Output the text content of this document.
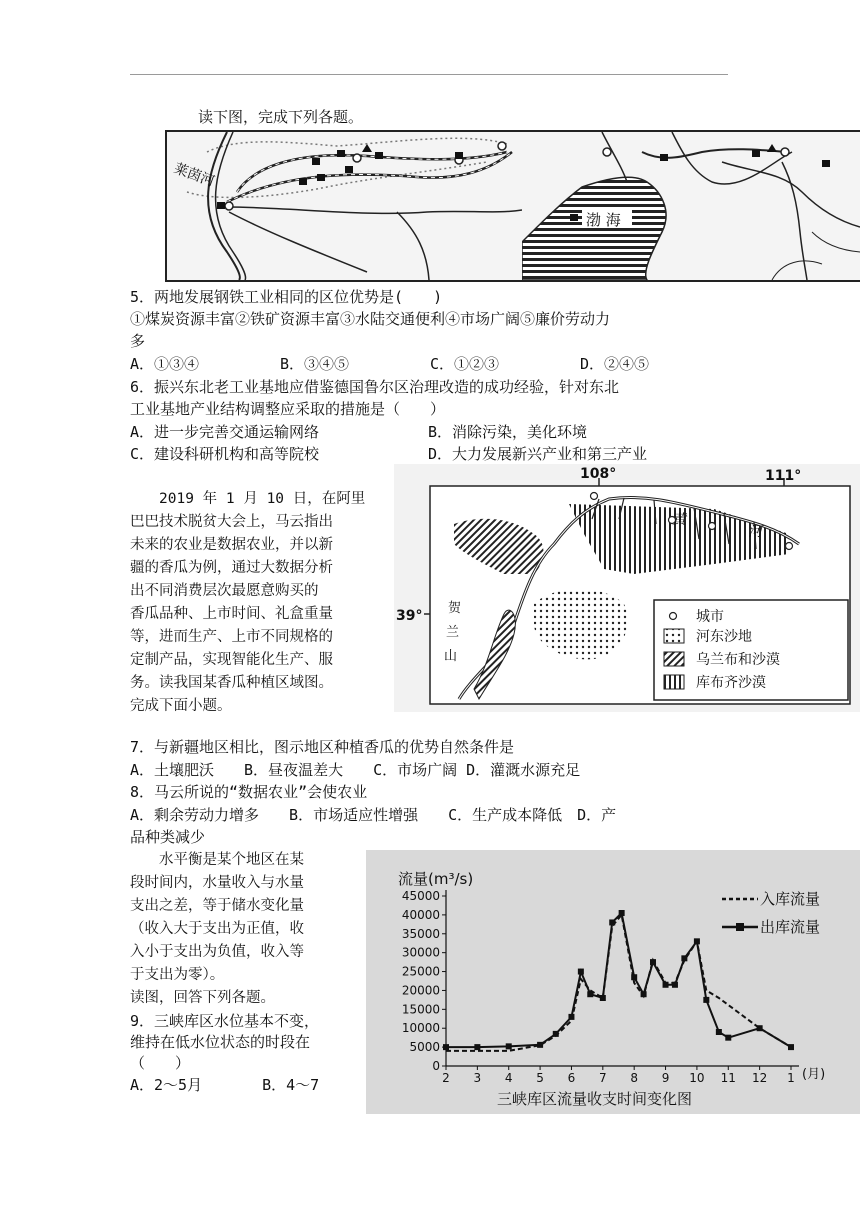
读下图，完成下列各题。
莱茵河
渤 海
5．两地发展钢铁工业相同的区位优势是(　　)
①煤炭资源丰富②铁矿资源丰富③水陆交通便利④市场广阔⑤廉价劳动力
多
A．①③④	B．③④⑤	C．①②③	D．②④⑤
6．振兴东北老工业基地应借鉴德国鲁尔区治理改造的成功经验，针对东北
工业基地产业结构调整应采取的措施是（　　）
A．进一步完善交通运输网络	B．消除污染，美化环境
C．建设科研机构和高等院校	D．大力发展新兴产业和第三产业
　　2019 年 1 月 10 日，在阿里
巴巴技术脱贫大会上，马云指出
未来的农业是数据农业，并以新
疆的香瓜为例，通过大数据分析
出不同消费层次最愿意购买的
香瓜品种、上市时间、礼盒重量
等，进而生产、上市不同规格的
定制产品，实现智能化生产、服
务。读我国某香瓜种植区域图。
完成下面小题。
108°	111°
39°
黄
河
贺
兰
山
城市
河东沙地
乌兰布和沙漠
库布齐沙漠
7．与新疆地区相比，图示地区种植香瓜的优势自然条件是
A．土壤肥沃　　B．昼夜温差大　　C．市场广阔 D．灌溉水源充足
8．马云所说的“数据农业”会使农业
A．剩余劳动力增多　　B．市场适应性增强　　C．生产成本降低　D．产
品种类减少
　　水平衡是某个地区在某
段时间内，水量收入与水量
支出之差，等于储水变化量
（收入大于支出为正值，收
入小于支出为负值，收入等
于支出为零）。
读图，回答下列各题。
9．三峡库区水位基本不变，
维持在低水位状态的时段在
（　　）
A．2～5月　　　　B．4～7
0
5000
10000
15000
20000
25000
30000
35000
40000
45000
2 3 4 5 6 7 8 9 10 11 12 1
流量(m³/s)
(月)
三峡库区流量收支时间变化图
入库流量
出库流量
